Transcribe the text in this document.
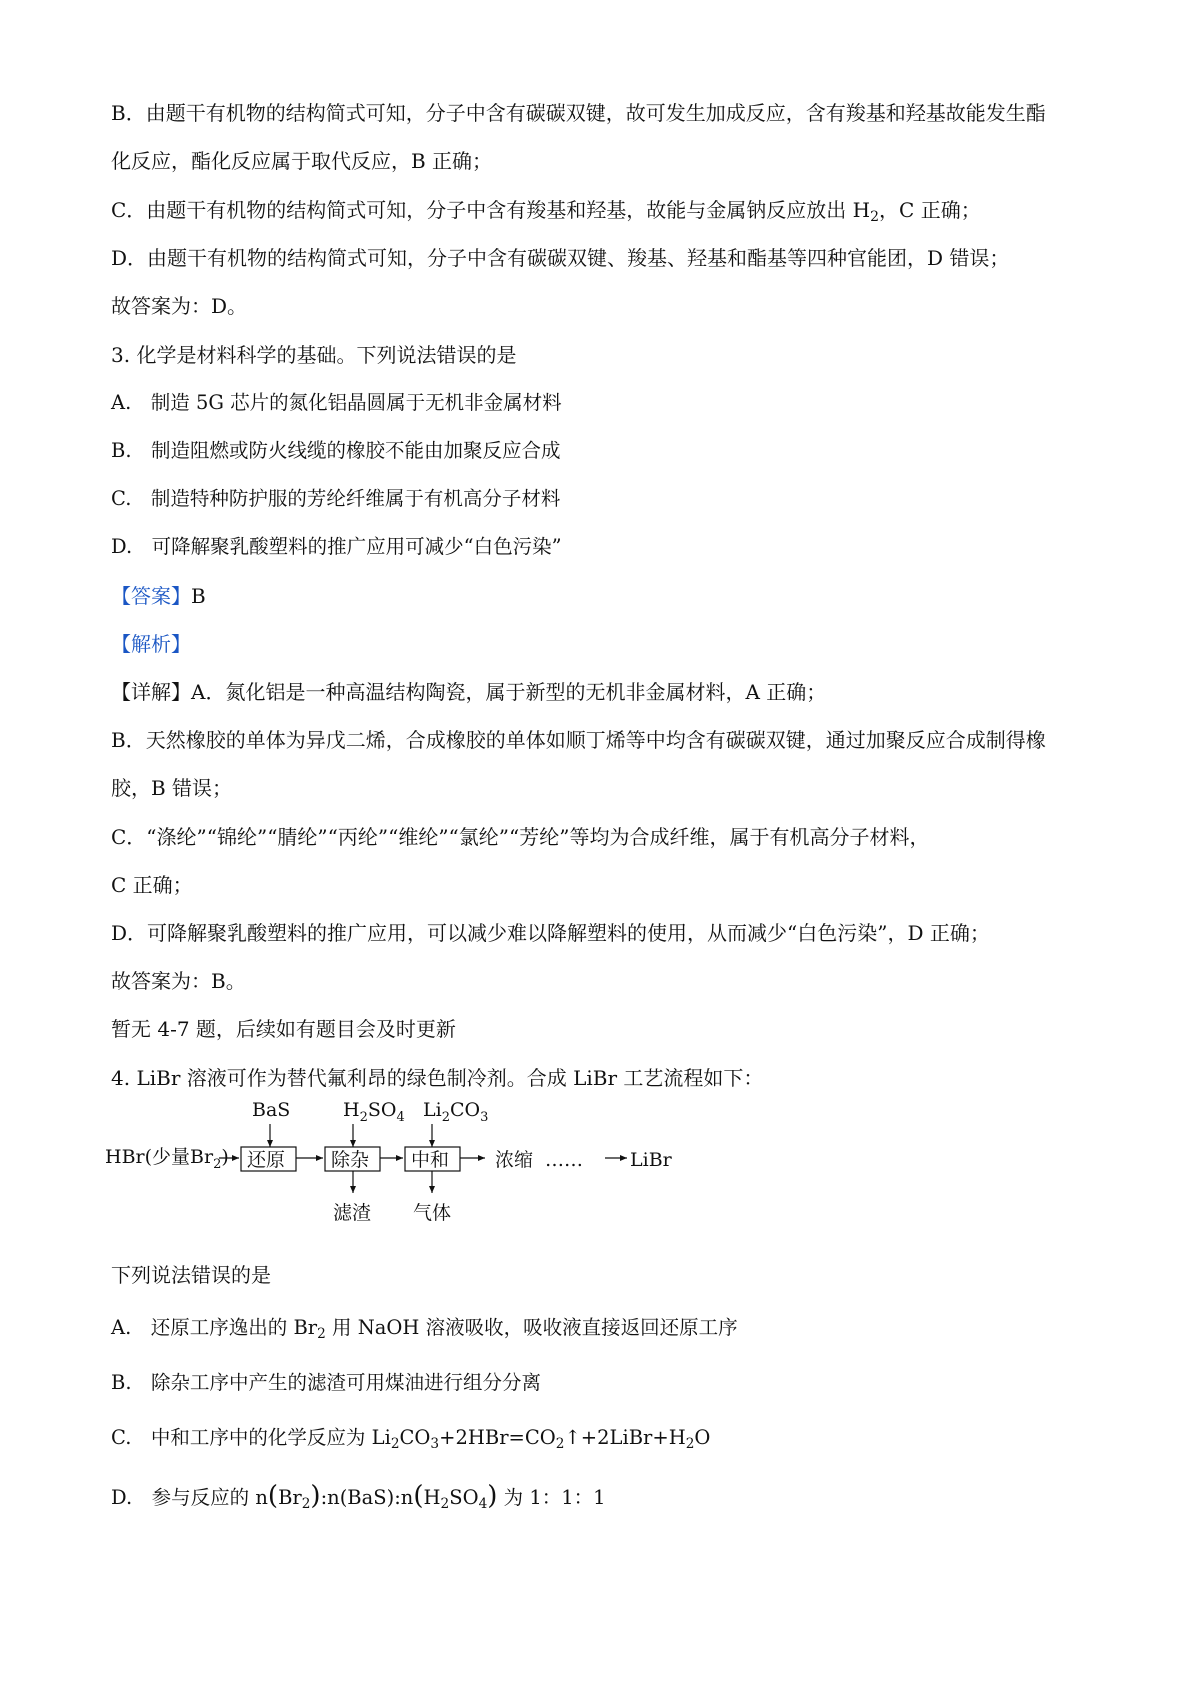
B．由题干有机物的结构简式可知，分子中含有碳碳双键，故可发生加成反应，含有羧基和羟基故能发生酯
化反应，酯化反应属于取代反应，B 正确；
C．由题干有机物的结构简式可知，分子中含有羧基和羟基，故能与金属钠反应放出 $H_2$，C 正确；
D．由题干有机物的结构简式可知，分子中含有碳碳双键、羧基、羟基和酯基等四种官能团，D 错误；
故答案为：D。
3. 化学是材料科学的基础。下列说法错误的是
A.　制造 5G 芯片的氮化铝晶圆属于无机非金属材料
B.　制造阻燃或防火线缆的橡胶不能由加聚反应合成
C.　制造特种防护服的芳纶纤维属于有机高分子材料
D.　可降解聚乳酸塑料的推广应用可减少“白色污染”
【答案】B
【解析】
【详解】A．氮化铝是一种高温结构陶瓷，属于新型的无机非金属材料，A 正确；
B．天然橡胶的单体为异戊二烯，合成橡胶的单体如顺丁烯等中均含有碳碳双键，通过加聚反应合成制得橡
胶，B 错误；
C．“涤纶”“锦纶”“腈纶”“丙纶”“维纶”“氯纶”“芳纶”等均为合成纤维，属于有机高分子材料，
C 正确；
D．可降解聚乳酸塑料的推广应用，可以减少难以降解塑料的使用，从而减少“白色污染”，D 正确；
故答案为：B。
暂无 4-7 题，后续如有题目会及时更新
4. LiBr 溶液可作为替代氟利昂的绿色制冷剂。合成 LiBr 工艺流程如下：
BaS	$H_2SO_4$ $Li_2CO_3$
HBr(少量$Br_2$) 还原 除杂 中和 浓缩 …… LiBr
滤渣 气体
下列说法错误的是
A.　还原工序逸出的 $Br_2$ 用 NaOH 溶液吸收，吸收液直接返回还原工序
B.　除杂工序中产生的滤渣可用煤油进行组分分离
C.　中和工序中的化学反应为 $Li_2CO_3+2HBr=CO_2↑+2LiBr+H_2O$
D.　参与反应的 $n(Br_2):n(BaS):n(H_2SO_4)$ 为 1：1：1
